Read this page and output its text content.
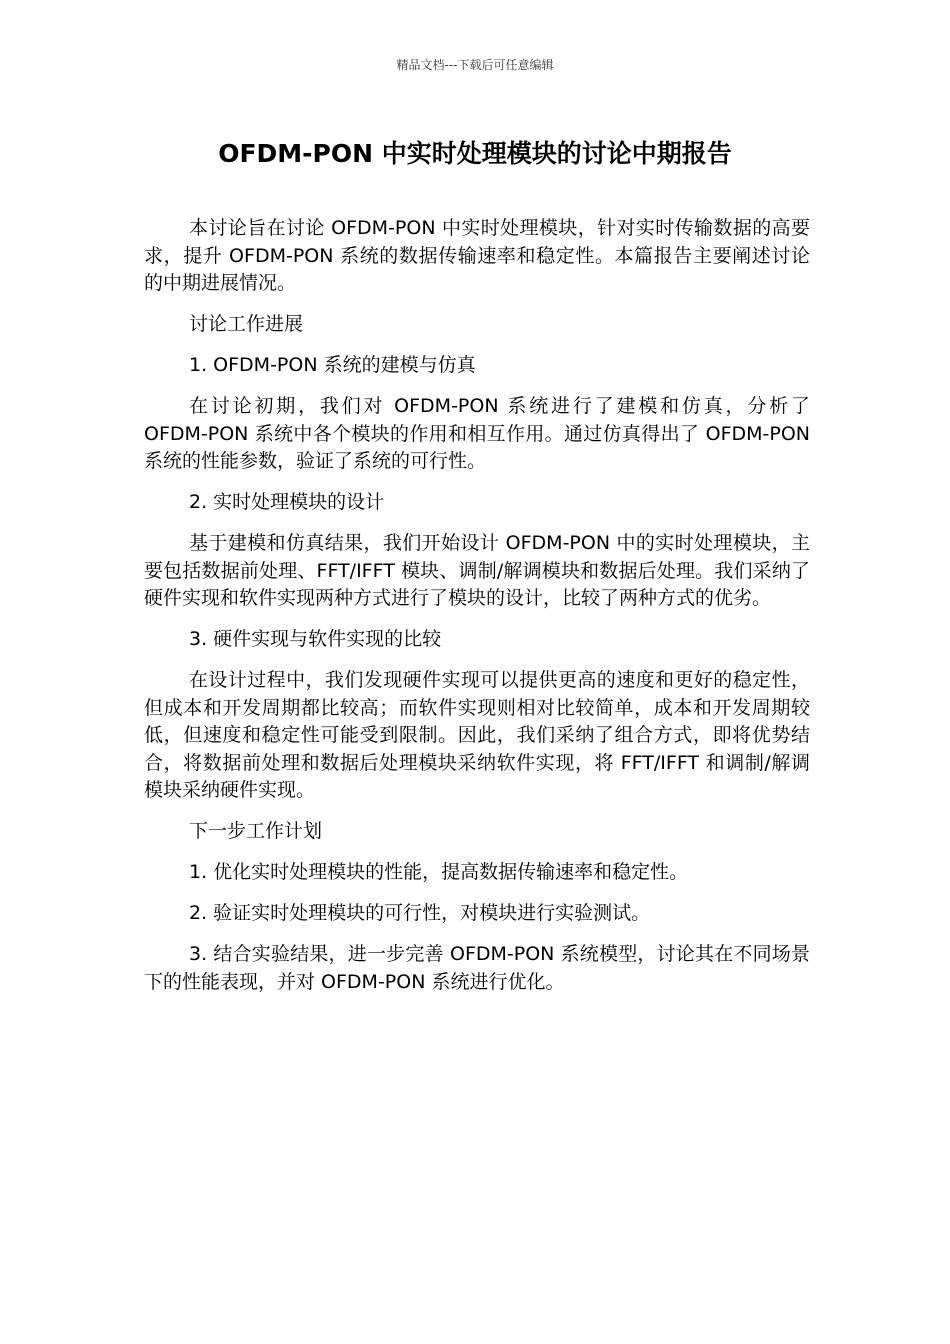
精品文档---下载后可任意编辑
OFDM-PON 中实时处理模块的讨论中期报告

本讨论旨在讨论 OFDM-PON 中实时处理模块，针对实时传输数据的高要求，提升 OFDM-PON 系统的数据传输速率和稳定性。本篇报告主要阐述讨论的中期进展情况。

讨论工作进展

1. OFDM-PON 系统的建模与仿真

在讨论初期，我们对 OFDM-PON 系统进行了建模和仿真，分析了 OFDM-PON 系统中各个模块的作用和相互作用。通过仿真得出了 OFDM-PON 系统的性能参数，验证了系统的可行性。

2. 实时处理模块的设计

基于建模和仿真结果，我们开始设计 OFDM-PON 中的实时处理模块，主要包括数据前处理、FFT/IFFT 模块、调制/解调模块和数据后处理。我们采纳了硬件实现和软件实现两种方式进行了模块的设计，比较了两种方式的优劣。

3. 硬件实现与软件实现的比较

在设计过程中，我们发现硬件实现可以提供更高的速度和更好的稳定性，但成本和开发周期都比较高；而软件实现则相对比较简单，成本和开发周期较低，但速度和稳定性可能受到限制。因此，我们采纳了组合方式，即将优势结合，将数据前处理和数据后处理模块采纳软件实现，将 FFT/IFFT 和调制/解调模块采纳硬件实现。

下一步工作计划

1. 优化实时处理模块的性能，提高数据传输速率和稳定性。

2. 验证实时处理模块的可行性，对模块进行实验测试。

3. 结合实验结果，进一步完善 OFDM-PON 系统模型，讨论其在不同场景下的性能表现，并对 OFDM-PON 系统进行优化。
